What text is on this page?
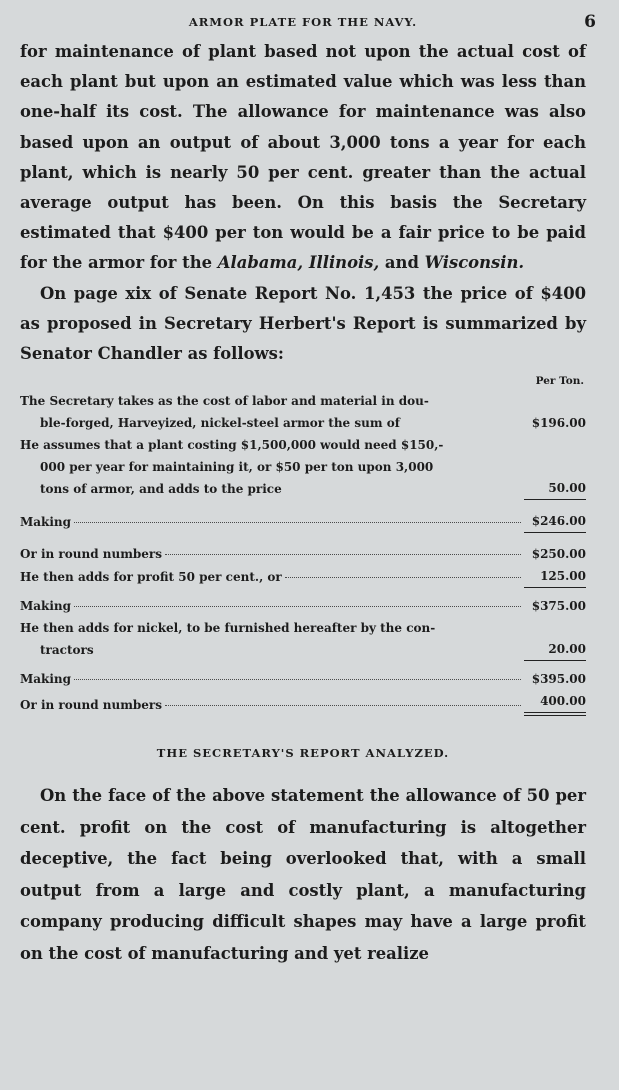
ARMOR PLATE FOR THE NAVY.	6

for maintenance of plant based not upon the actual cost of each plant but upon an estimated value which was less than one-half its cost. The allowance for maintenance was also based upon an output of about 3,000 tons a year for each plant, which is nearly 50 per cent. greater than the actual average output has been. On this basis the Secretary estimated that $400 per ton would be a fair price to be paid for the armor for the Alabama, Illinois, and Wisconsin.

On page xix of Senate Report No. 1,453 the price of $400 as proposed in Secretary Herbert's Report is summarized by Senator Chandler as follows:

Per Ton.
The Secretary takes as the cost of labor and material in dou-
ble-forged, Harveyized, nickel-steel armor the sum of	$196.00
He assumes that a plant costing $1,500,000 would need $150,-
000 per year for maintaining it, or $50 per ton upon 3,000
tons of armor, and adds to the price	50.00
Making	$246.00
Or in round numbers	$250.00
He then adds for profit 50 per cent., or	125.00
Making	$375.00
He then adds for nickel, to be furnished hereafter by the con-
tractors	20.00
Making	$395.00
Or in round numbers	400.00
THE SECRETARY'S REPORT ANALYZED.

On the face of the above statement the allowance of 50 per cent. profit on the cost of manufacturing is altogether deceptive, the fact being overlooked that, with a small output from a large and costly plant, a manufacturing company producing difficult shapes may have a large profit on the cost of manufacturing and yet realize
